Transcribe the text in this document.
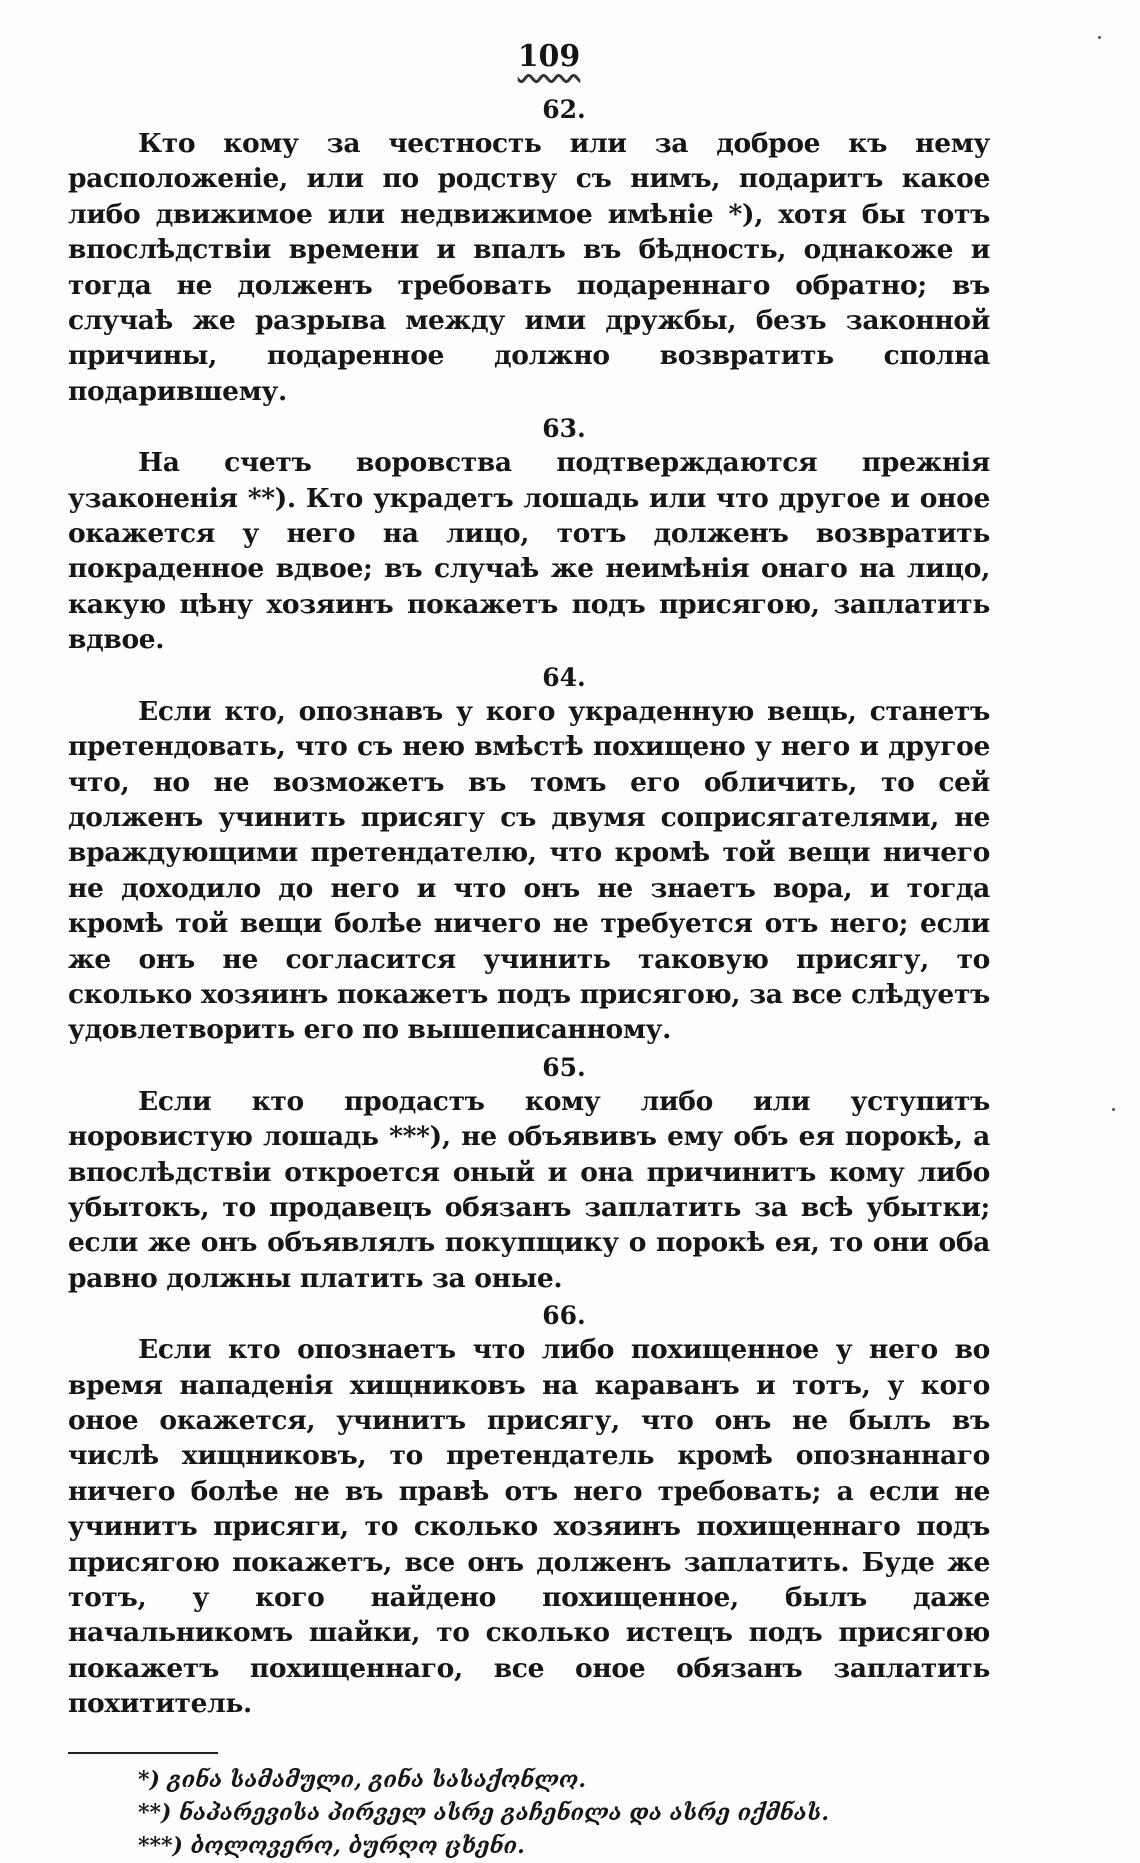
109
62.

Кто кому за честность или за доброе къ нему расположеніе, или по родству съ нимъ, подаритъ какое либо движимое или недвижимое имѣніе *), хотя бы тотъ впослѣдствіи времени и впалъ въ бѣдность, однакоже и тогда не долженъ требовать подареннаго обратно; въ случаѣ же разрыва между ими дружбы, безъ законной причины, подаренное должно возвратить сполна подарившему.

63.

На счетъ воровства подтверждаются прежнія узаконенія **). Кто украдетъ лошадь или что другое и оное окажется у него на лицо, тотъ долженъ возвратить покраденное вдвое; въ случаѣ же неимѣнія онаго на лицо, какую цѣну хозяинъ покажетъ подъ присягою, заплатить вдвое.

64.

Если кто, опознавъ у кого украденную вещь, станетъ претендовать, что съ нею вмѣстѣ похищено у него и другое что, но не возможетъ въ томъ его обличить, то сей долженъ учинить присягу съ двумя соприсягателями, не враждующими претендателю, что кромѣ той вещи ничего не доходило до него и что онъ не знаетъ вора, и тогда кромѣ той вещи болѣе ничего не требуется отъ него; если же онъ не согласится учинить таковую присягу, то сколько хозяинъ покажетъ подъ присягою, за все слѣдуетъ удовлетворить его по вышеписанному.

65.

Если кто продастъ кому либо или уступитъ норовистую лошадь ***), не объявивъ ему объ ея порокѣ, а впослѣдствіи откроется оный и она причинитъ кому либо убытокъ, то продавецъ обязанъ заплатить за всѣ убытки; если же онъ объявлялъ покупщику о порокѣ ея, то они оба равно должны платить за оные.

66.

Если кто опознаетъ что либо похищенное у него во время нападенія хищниковъ на караванъ и тотъ, у кого оное окажется, учинитъ присягу, что онъ не былъ въ числѣ хищниковъ, то претендатель кромѣ опознаннаго ничего болѣе не въ правѣ отъ него требовать; а если не учинитъ присяги, то сколько хозяинъ похищеннаго подъ присягою покажетъ, все онъ долженъ заплатить. Буде же тотъ, у кого найдено похищенное, былъ даже начальникомъ шайки, то сколько истецъ подъ присягою покажетъ похищеннаго, все оное обязанъ заплатить похититель.

*) გინა სამამული, გინა სასაქონლო.
**) ნაპარევისა პირველ ასრე გაჩენილა და ასრე იქმნას.
***) ბოლოვერო, ბურღო ცხენი.
